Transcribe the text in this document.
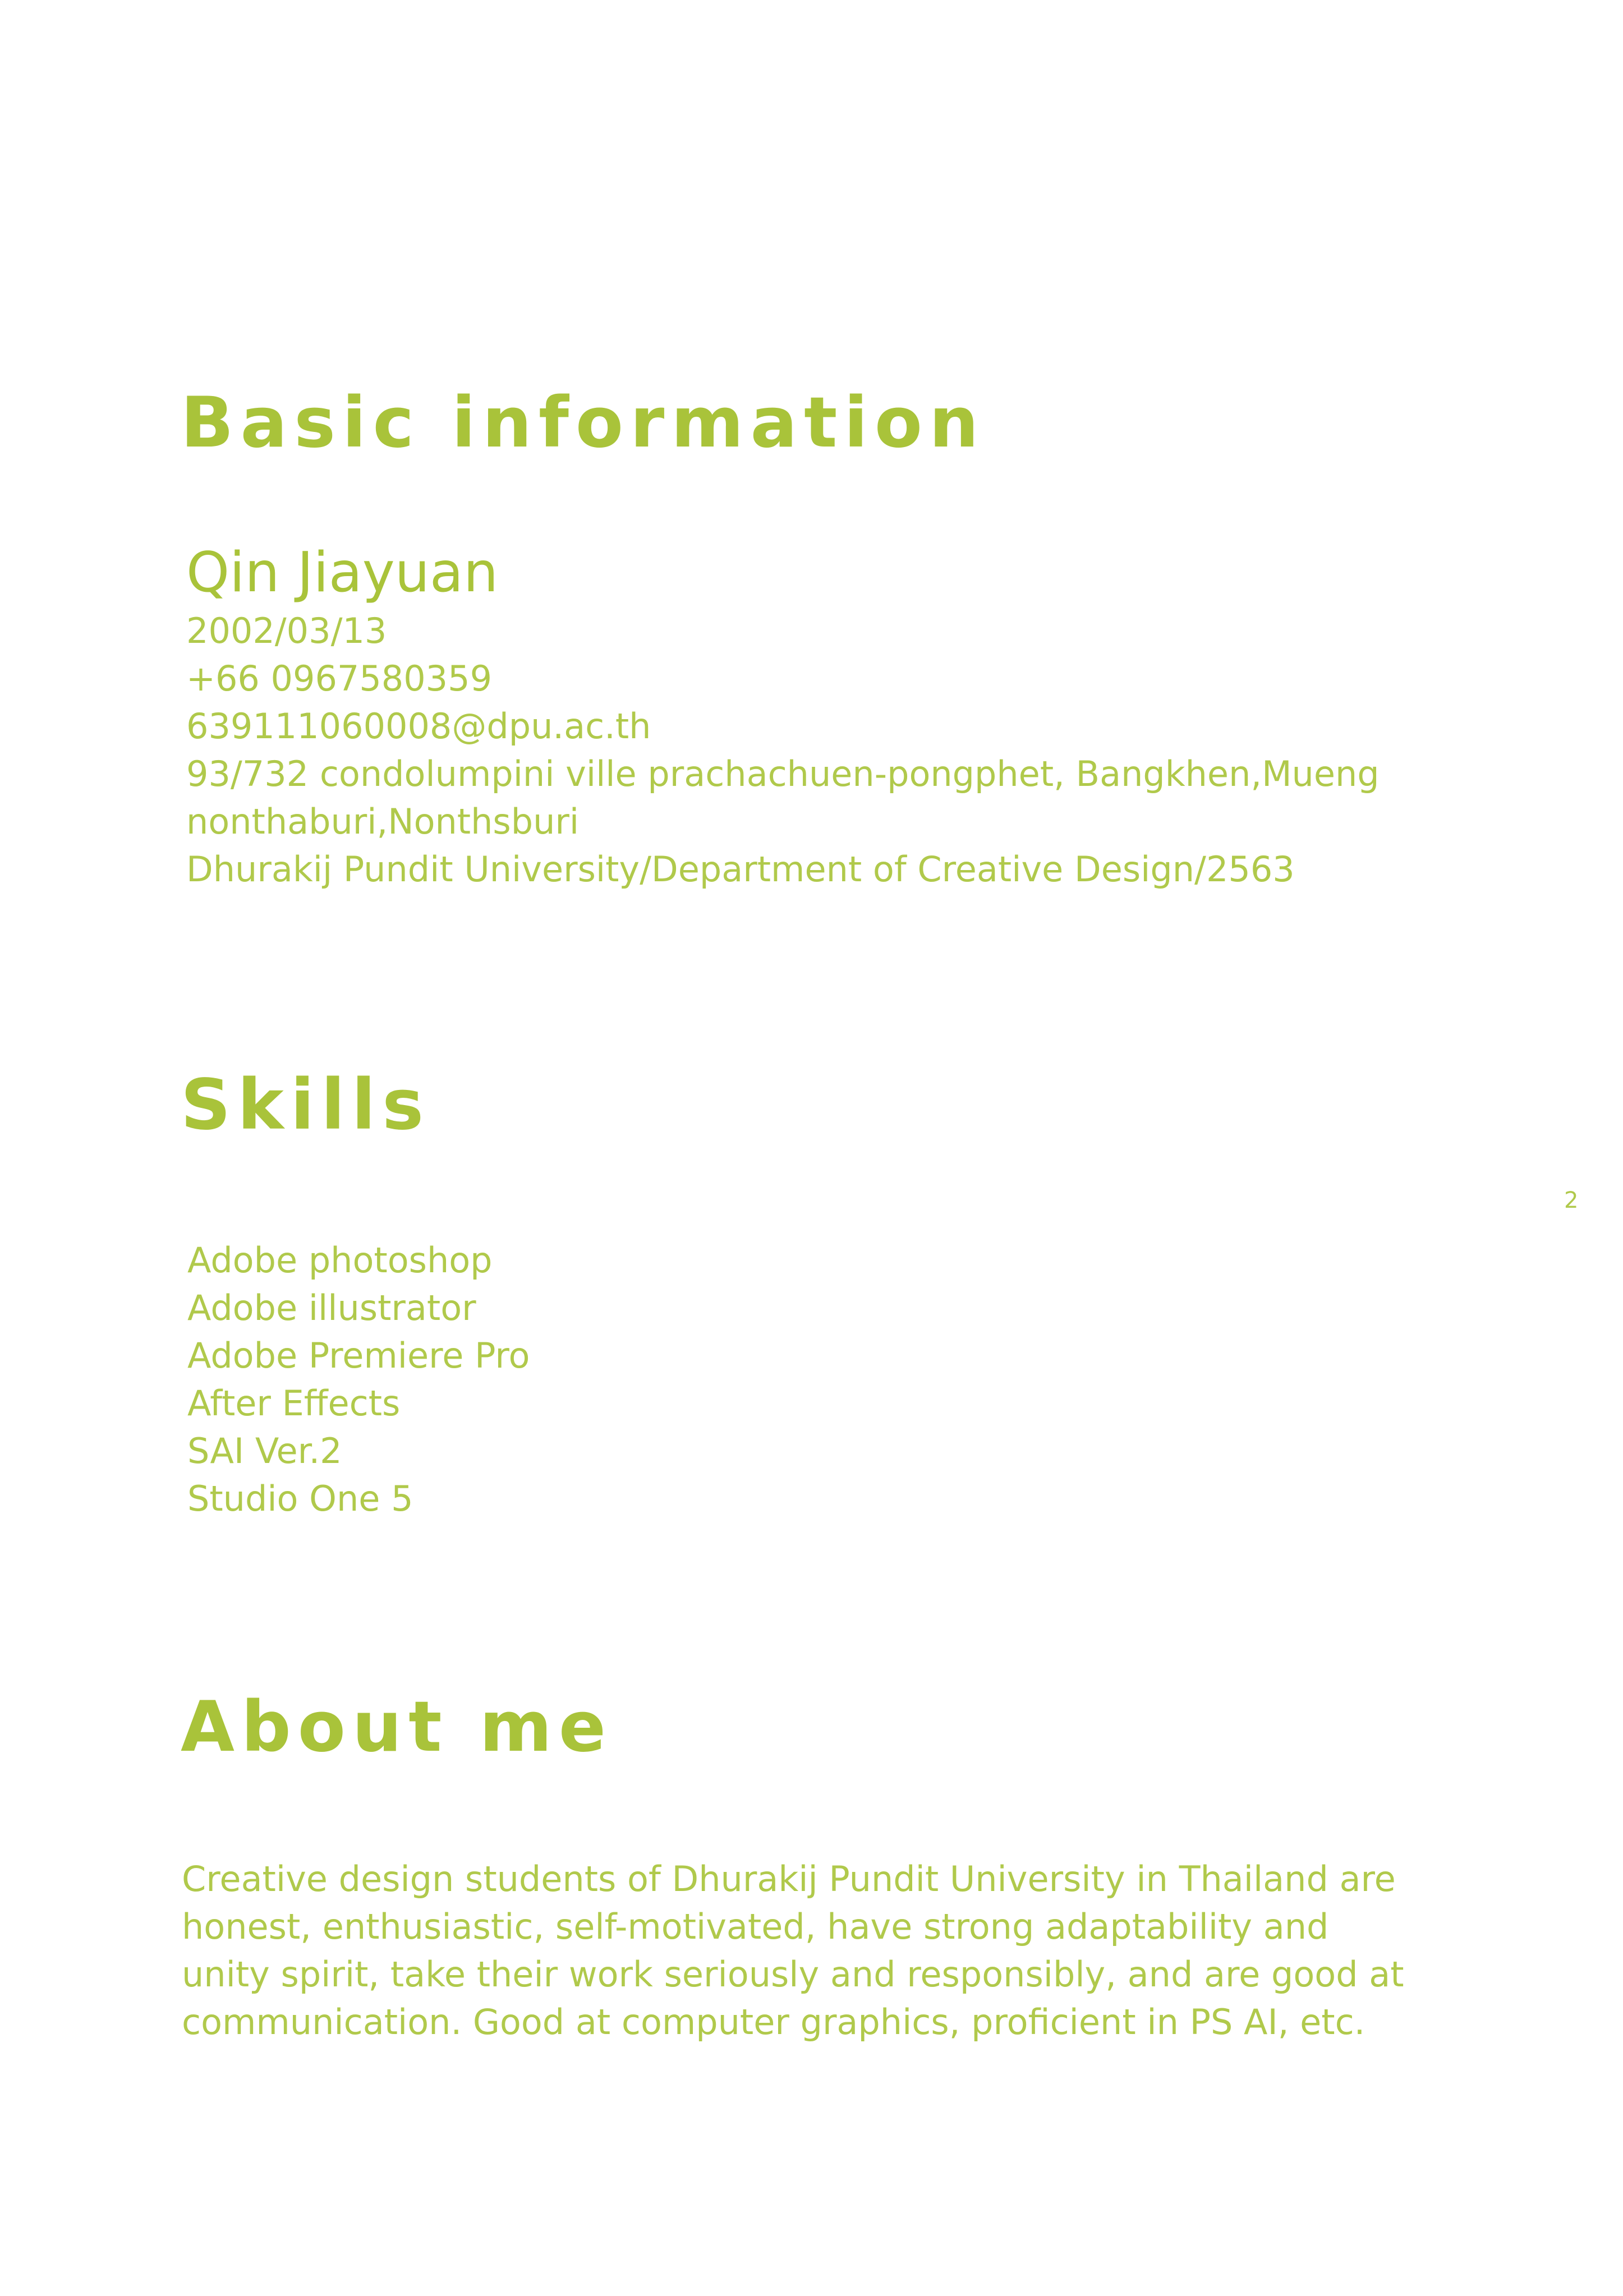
Basic information
Qin Jiayuan
2002/03/13
+66 0967580359
639111060008@dpu.ac.th
93/732 condolumpini ville prachachuen-pongphet, Bangkhen,Mueng
nonthaburi,Nonthsburi
Dhurakij Pundit University/Department of Creative Design/2563
Skills
2
Adobe photoshop
Adobe illustrator
Adobe Premiere Pro
After Effects
SAI Ver.2
Studio One 5
About me
Creative design students of Dhurakij Pundit University in Thailand are
honest, enthusiastic, self-motivated, have strong adaptability and
unity spirit, take their work seriously and responsibly, and are good at
communication. Good at computer graphics, proficient in PS AI, etc.
